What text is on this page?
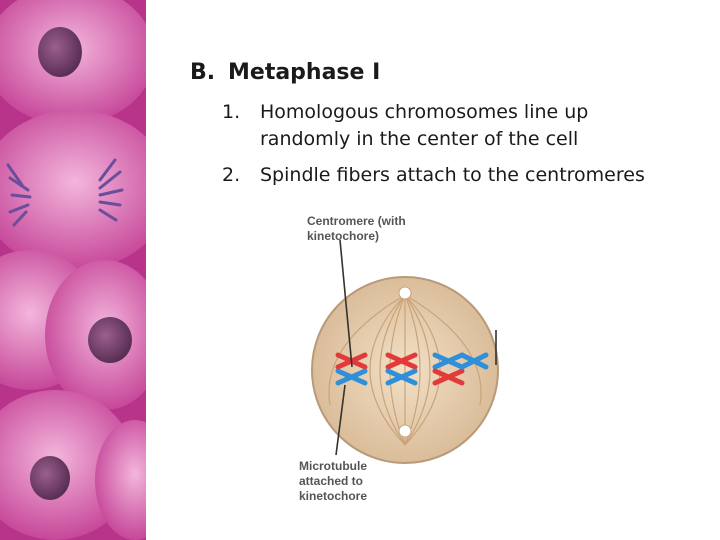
B. Metaphase I
1. Homologous chromosomes line up randomly in the center of the cell
2. Spindle fibers attach to the centromeres
Centromere (with kinetochore)
Microtubule attached to kinetochore
